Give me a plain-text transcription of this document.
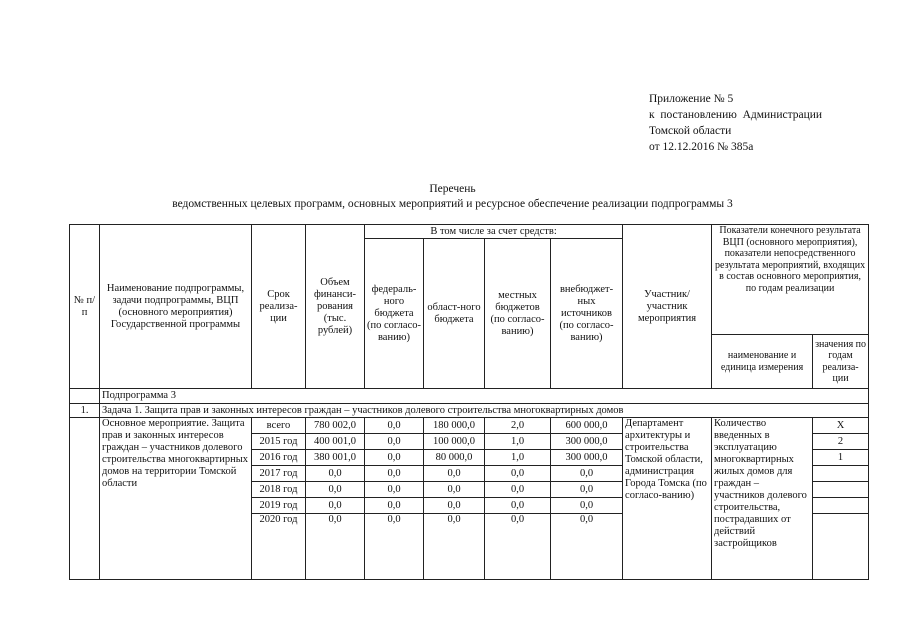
Приложение № 5
к  постановлению  Администрации
Томской области
от 12.12.2016 № 385а
Перечень
ведомственных целевых программ, основных мероприятий и ресурсное обеспечение реализации подпрограммы 3
№ п/п	Наименование подпрограммы, задачи подпрограммы, ВЦП (основного мероприятия) Государственной программы	Срок реализа-ции	Объем финанси-рования (тыс. рублей)	В том числе за счет средств:				Участник/ участник мероприятия	Показатели конечного результата ВЦП (основного мероприятия), показатели непосредственного результата мероприятий, входящих в состав основного мероприятия, по годам реализации	
				федераль-ного бюджета (по согласо-ванию)	област-ного бюджета	местных бюджетов (по согласо-ванию)	внебюджет-ных источников (по согласо-ванию)			
									наименование и единица измерения	значения по годам реализа-ции
	Подпрограмма 3									
1.	Задача 1. Защита прав и законных интересов граждан – участников долевого строительства многоквартирных домов									
	Основное мероприятие. Защита прав и законных интересов граждан – участников долевого строительства многоквартирных домов на территории Томской области	всего	780 002,0	0,0	180 000,0	2,0	600 000,0	Департамент архитектуры и строительства Томской области, администрация Города Томска (по согласо-ванию)	Количество введенных в эксплуатацию многоквартирных жилых домов для граждан – участников долевого строительства, пострадавших от действий застройщиков	Х
		2015 год	400 001,0	0,0	100 000,0	1,0	300 000,0			2
		2016 год	380 001,0	0,0	80 000,0	1,0	300 000,0			1
		2017 год	0,0	0,0	0,0	0,0	0,0			
		2018 год	0,0	0,0	0,0	0,0	0,0			
		2019 год	0,0	0,0	0,0	0,0	0,0			
		2020 год	0,0	0,0	0,0	0,0	0,0			
